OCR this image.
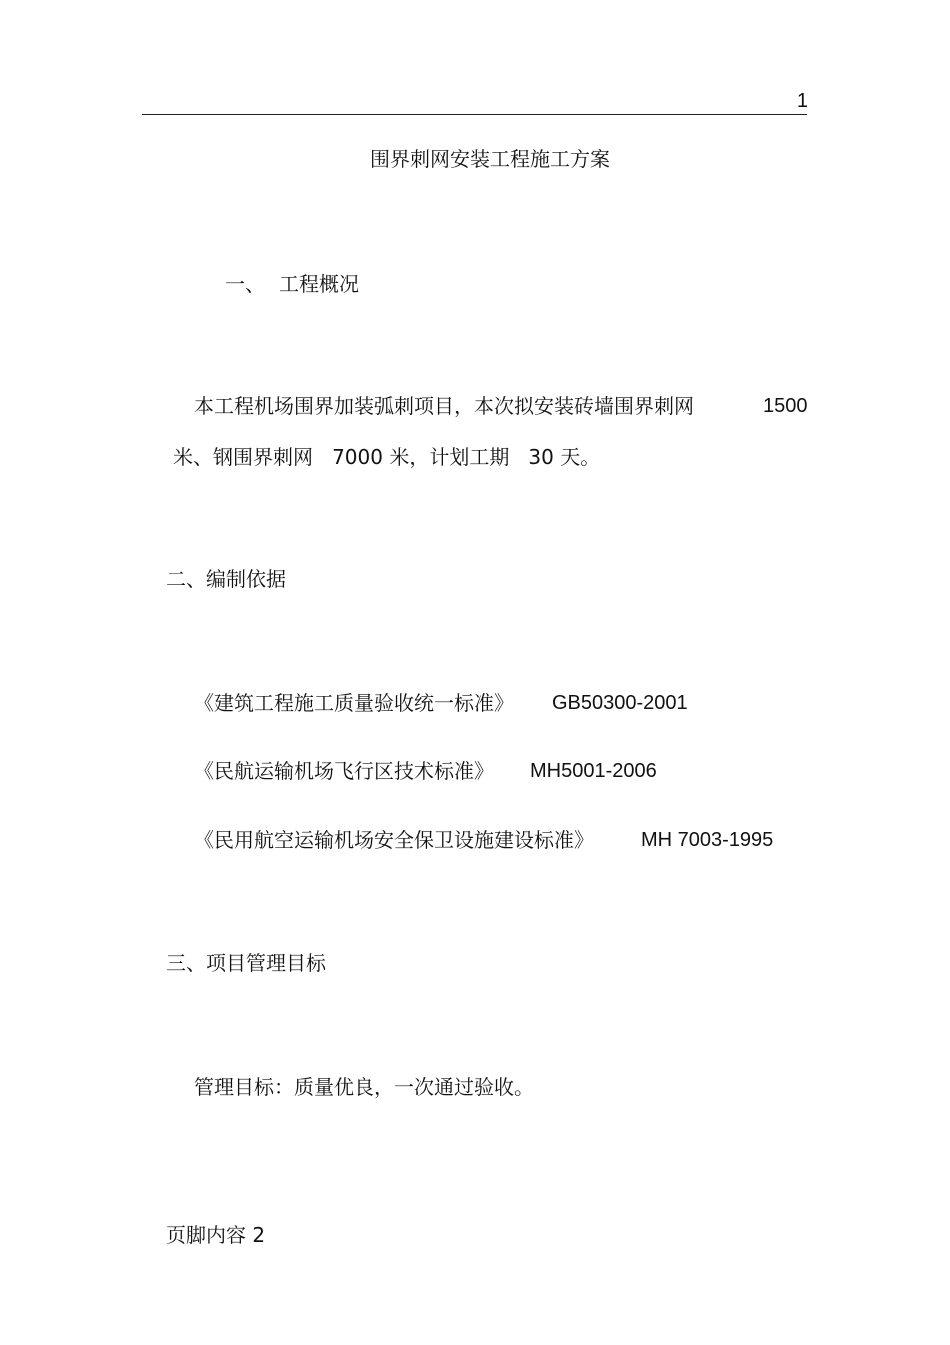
1
围界刺网安装工程施工方案
一、 工程概况
本工程机场围界加装弧刺项目，本次拟安装砖墙围界刺网	1500
米、钢围界刺网   7000 米，计划工期   30 天。
二、编制依据
《建筑工程施工质量验收统一标准》 GB50300-2001
《民航运输机场飞行区技术标准》 MH5001-2006
《民用航空运输机场安全保卫设施建设标准》 MH 7003-1995
三、项目管理目标
管理目标：质量优良，一次通过验收。
页脚内容 2
